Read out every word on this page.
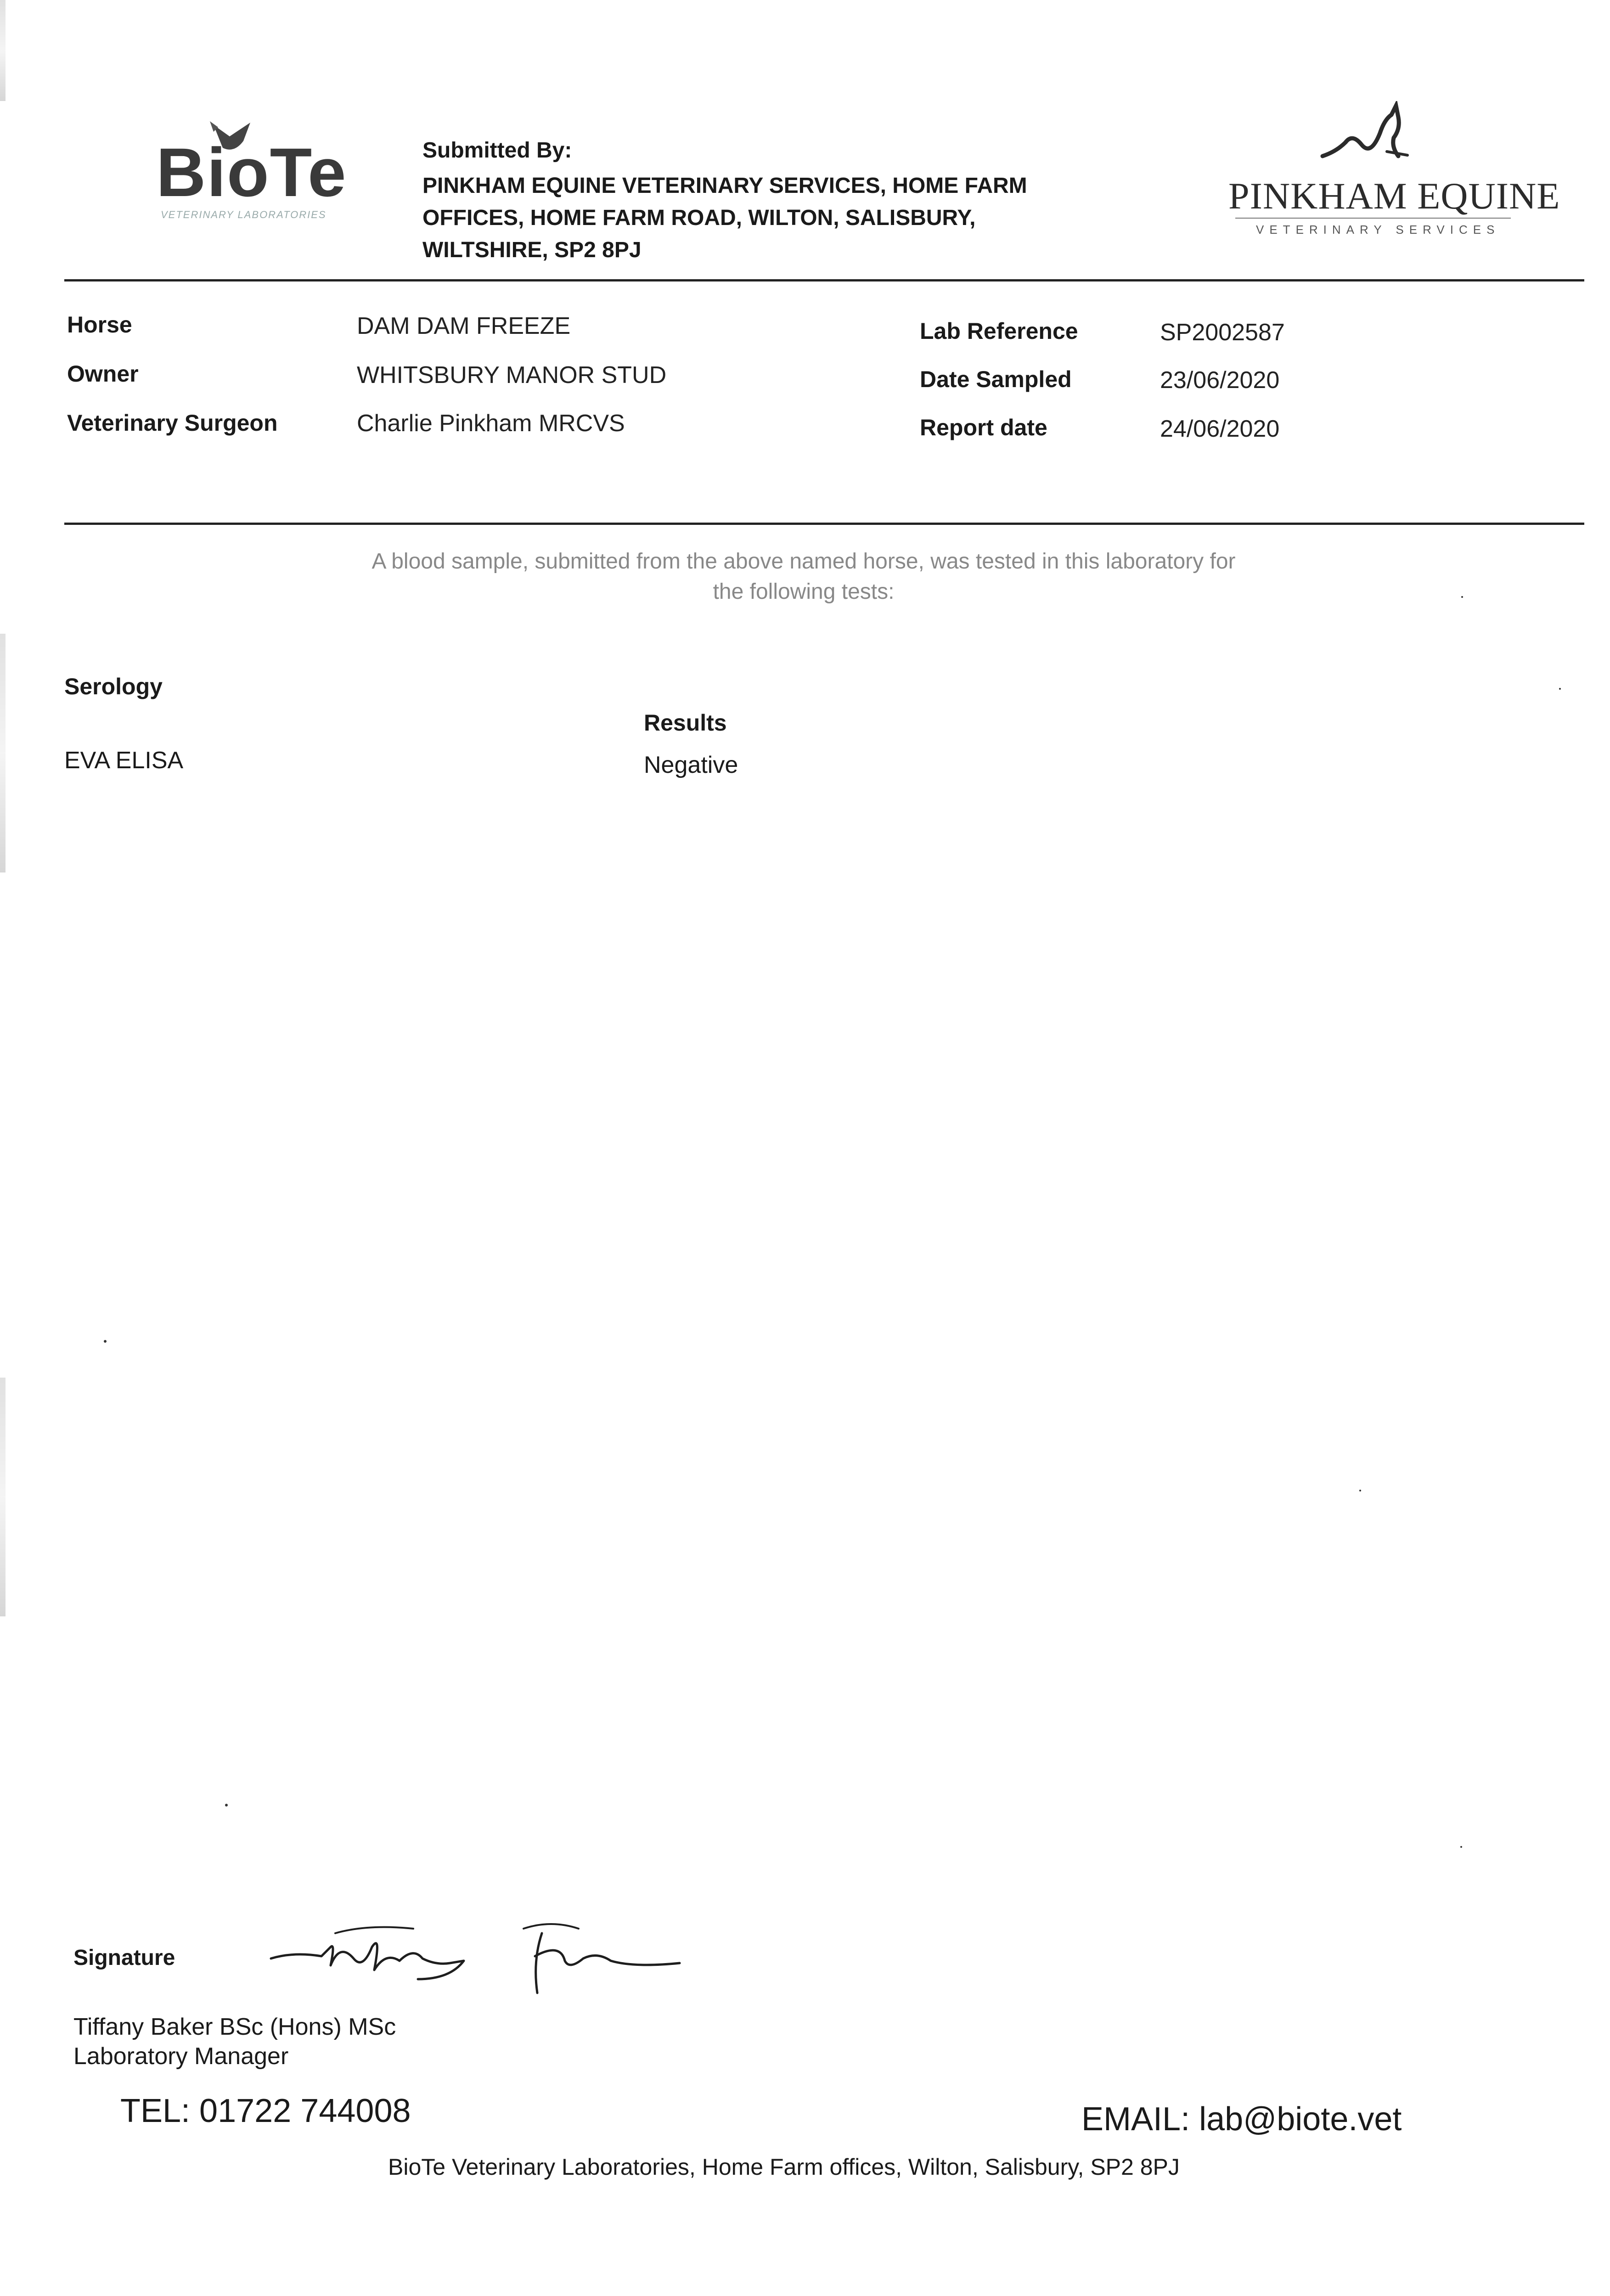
BioTe
VETERINARY LABORATORIES
Submitted By:
PINKHAM EQUINE VETERINARY SERVICES, HOME FARM
OFFICES, HOME FARM ROAD, WILTON, SALISBURY,
WILTSHIRE, SP2 8PJ
PINKHAM EQUINE
VETERINARY SERVICES
Horse	DAM DAM FREEZE
Owner	WHITSBURY MANOR STUD
Veterinary Surgeon	Charlie Pinkham MRCVS
Lab Reference	SP2002587
Date Sampled	23/06/2020
Report date	24/06/2020
A blood sample, submitted from the above named horse, was tested in this laboratory for
the following tests:
Serology
Results
EVA ELISA	Negative
Signature
Tiffany Baker BSc (Hons) MSc
Laboratory Manager
TEL: 01722 744008	EMAIL: lab@biote.vet
BioTe Veterinary Laboratories, Home Farm offices, Wilton, Salisbury, SP2 8PJ
